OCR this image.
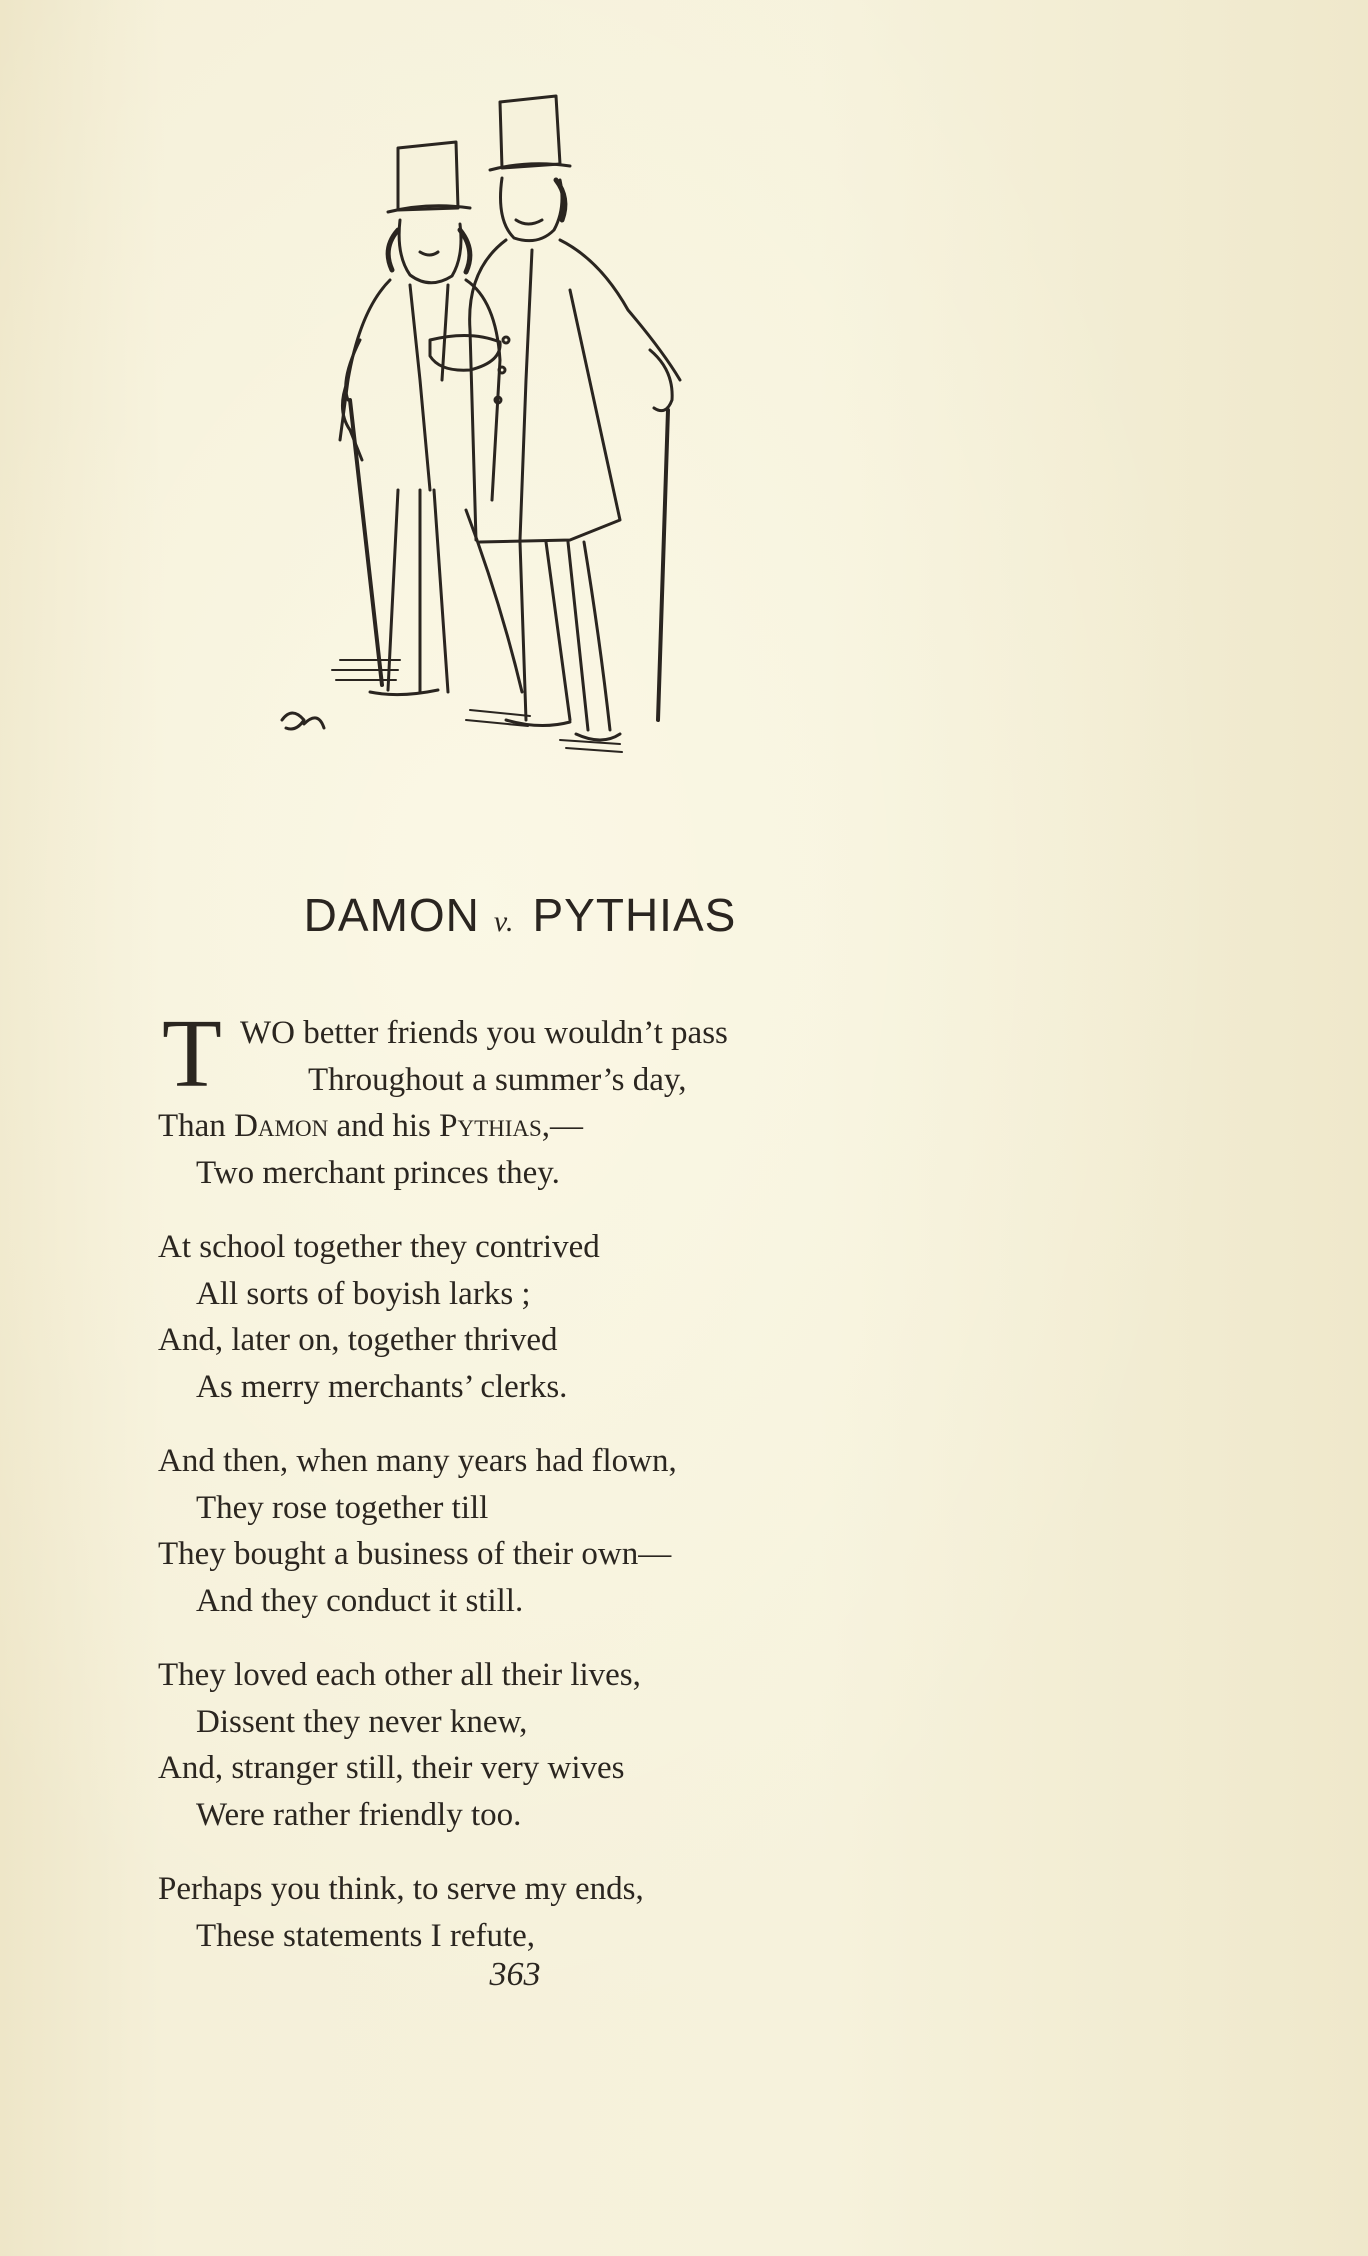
DAMON v. PYTHIAS
T WO better friends you wouldn’t pass
Throughout a summer’s day,
Than Damon and his Pythias,—
Two merchant princes they.
At school together they contrived
All sorts of boyish larks ;
And, later on, together thrived
As merry merchants’ clerks.
And then, when many years had flown,
They rose together till
They bought a business of their own—
And they conduct it still.
They loved each other all their lives,
Dissent they never knew,
And, stranger still, their very wives
Were rather friendly too.
Perhaps you think, to serve my ends,
These statements I refute,
363
